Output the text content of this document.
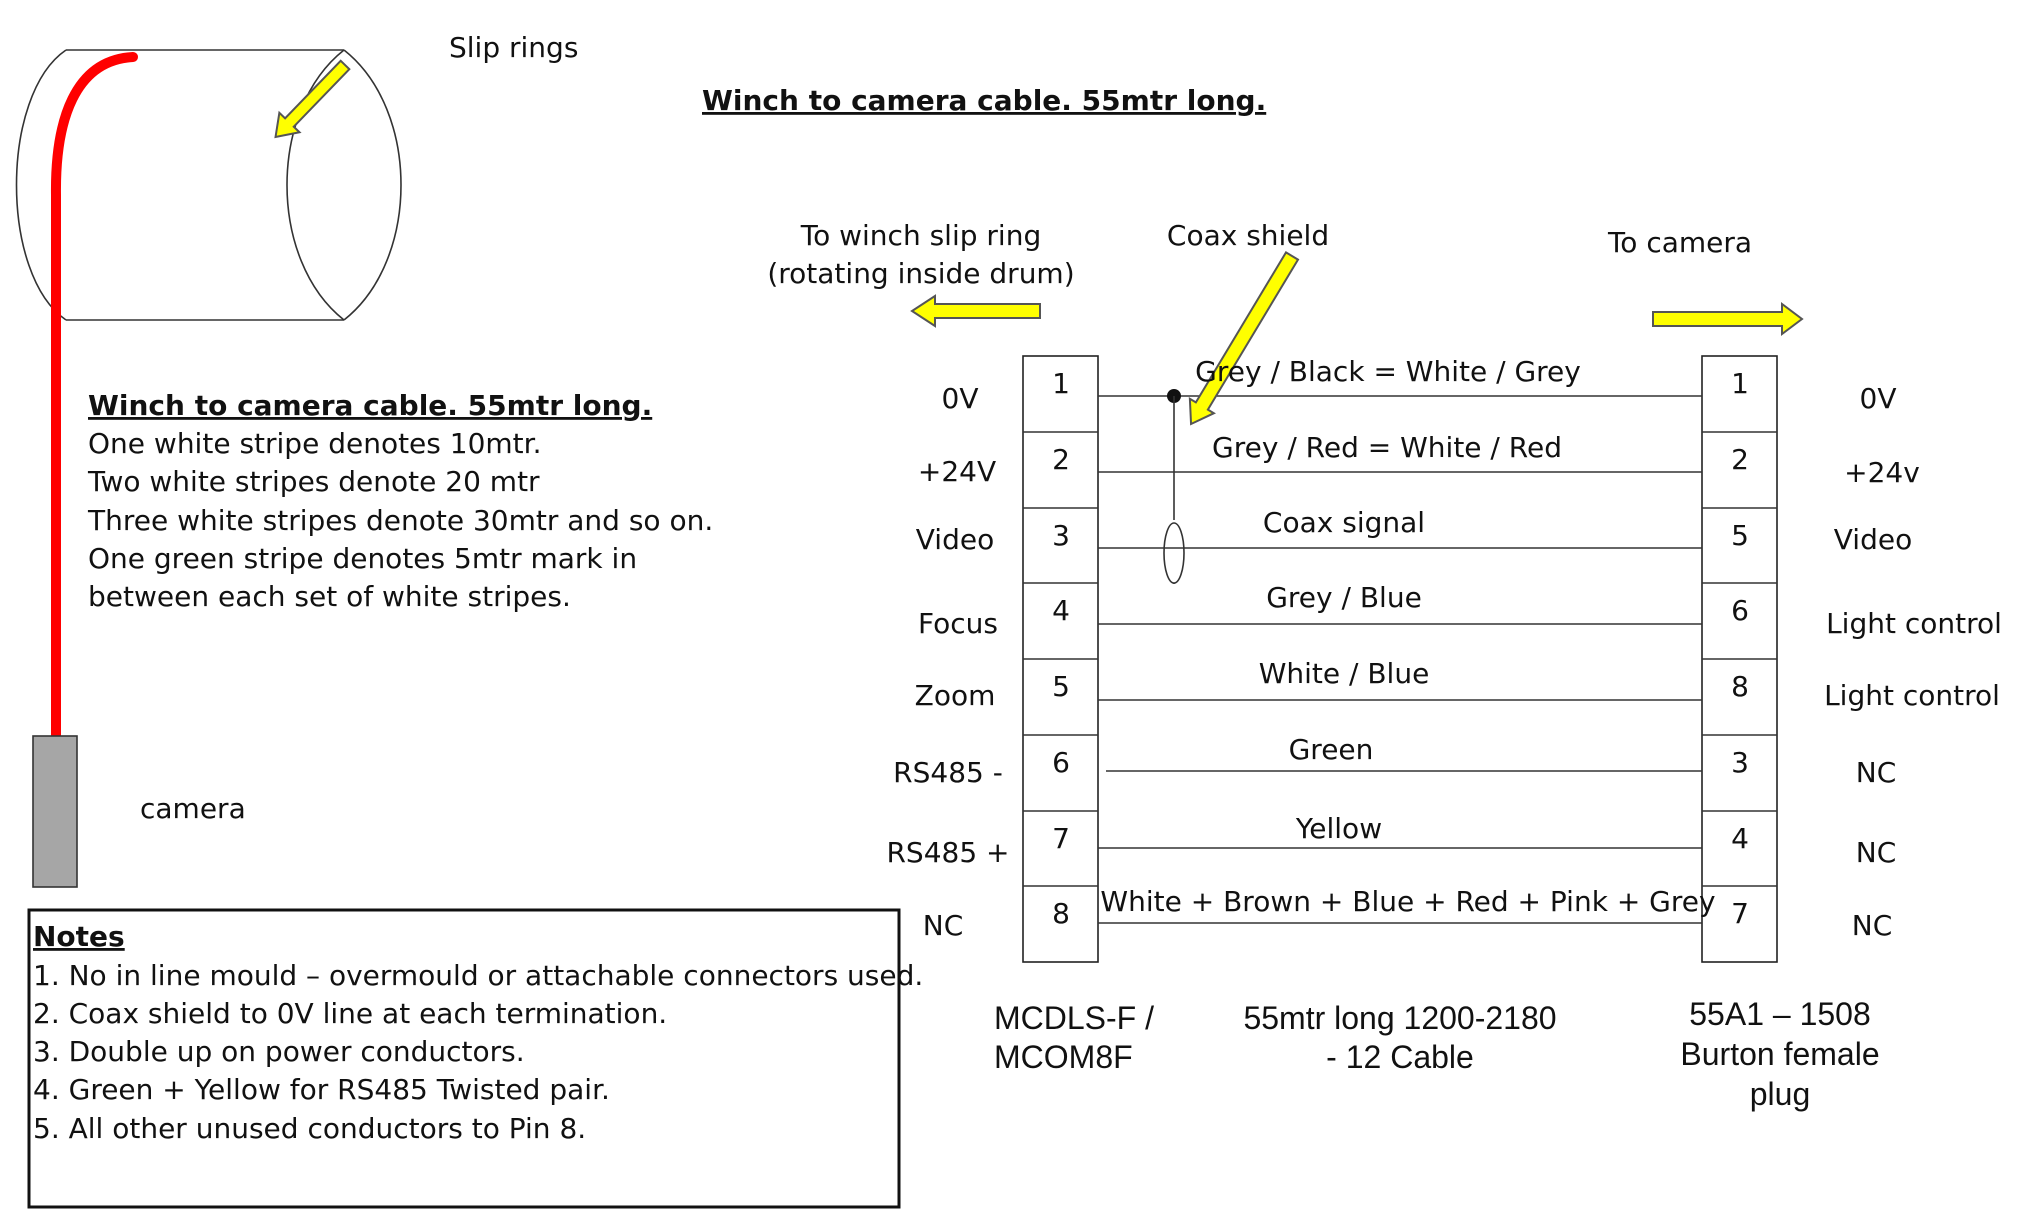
Slip rings
Winch to camera cable. 55mtr long.
Winch to camera cable. 55mtr long.
One white stripe denotes 10mtr.
Two white stripes denote 20 mtr
Three white stripes denote 30mtr and so on.
One green stripe denotes 5mtr mark in
between each set of white stripes.
camera
Notes
1. No in line mould – overmould or attachable connectors used.
2. Coax shield to 0V line at each termination.
3. Double up on power conductors.
4. Green + Yellow for RS485 Twisted pair.
5. All other unused conductors to Pin 8.
To winch slip ring
(rotating inside drum)
Coax shield	To camera
1
2
3
4
5
6
7
8
1
2
5
6
8
3
4
7
0V
+24V
Video
Focus
Zoom
RS485 -
RS485 +
NC
0V
+24v
Video
Light control
Light control
NC
NC
NC
Grey / Black = White / Grey
Grey / Red = White / Red
Coax signal
Grey / Blue
White / Blue
Green
Yellow
White + Brown + Blue + Red + Pink + Grey
MCDLS-F /
MCOM8F
55mtr long 1200-2180
- 12 Cable
55A1 – 1508
Burton female
plug
